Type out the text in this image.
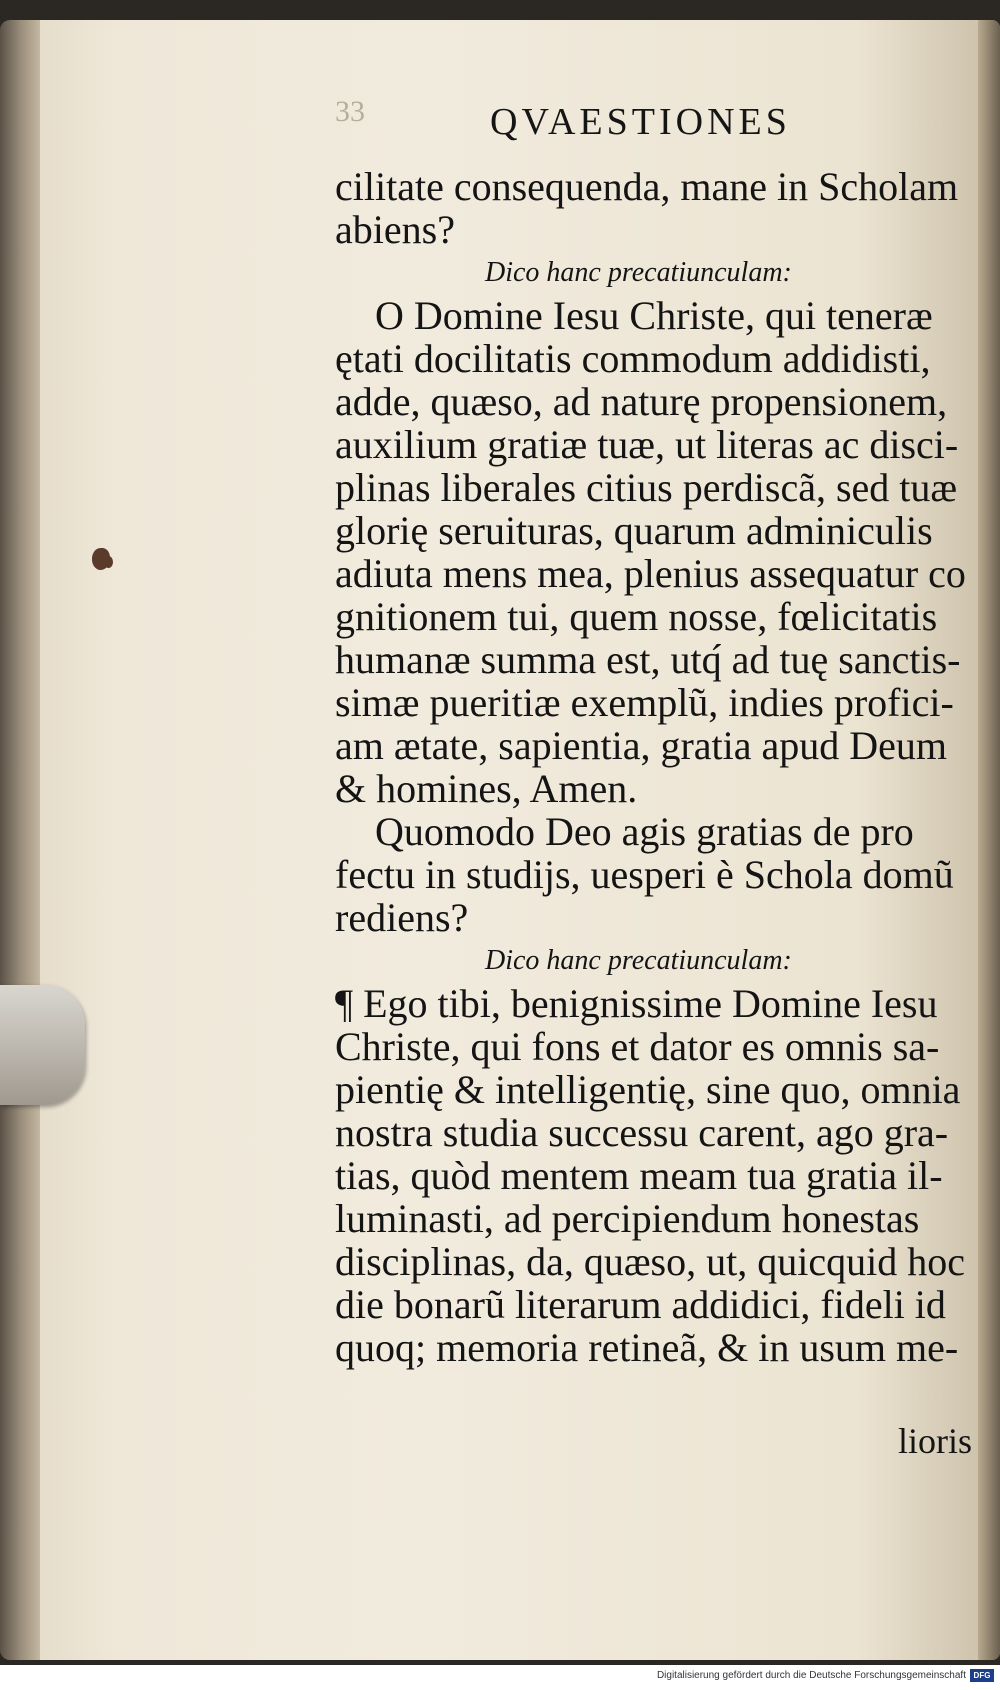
33	QVAESTIONES
cilitate consequenda, mane in Scholam
abiens?
Dico hanc precatiunculam:
O Domine Iesu Christe, qui teneræ
ętati docilitatis commodum addidisti,
adde, quæso, ad naturę propensionem,
auxilium gratiæ tuæ, ut literas ac disci-
plinas liberales citius perdiscã, sed tuæ
glorię seruituras, quarum adminiculis
adiuta mens mea, plenius assequatur co
gnitionem tui, quem nosse, fœlicitatis
humanæ summa est, utq́ ad tuę sanctis-
simæ pueritiæ exemplũ, indies profici-
am ætate, sapientia, gratia apud Deum
& homines, Amen.
Quomodo Deo agis gratias de pro
fectu in studijs, uesperi è Schola domũ
rediens?
Dico hanc precatiunculam:
¶ Ego tibi, benignissime Domine Iesu
Christe, qui fons et dator es omnis sa-
pientię & intelligentię, sine quo, omnia
nostra studia successu carent, ago gra-
tias, quòd mentem meam tua gratia il-
luminasti, ad percipiendum honestas
disciplinas, da, quæso, ut, quicquid hoc
die bonarũ literarum addidici, fideli id
quoq; memoria retineã, & in usum me-
lioris
Digitalisierung gefördert durch die Deutsche Forschungsgemeinschaft DFG
